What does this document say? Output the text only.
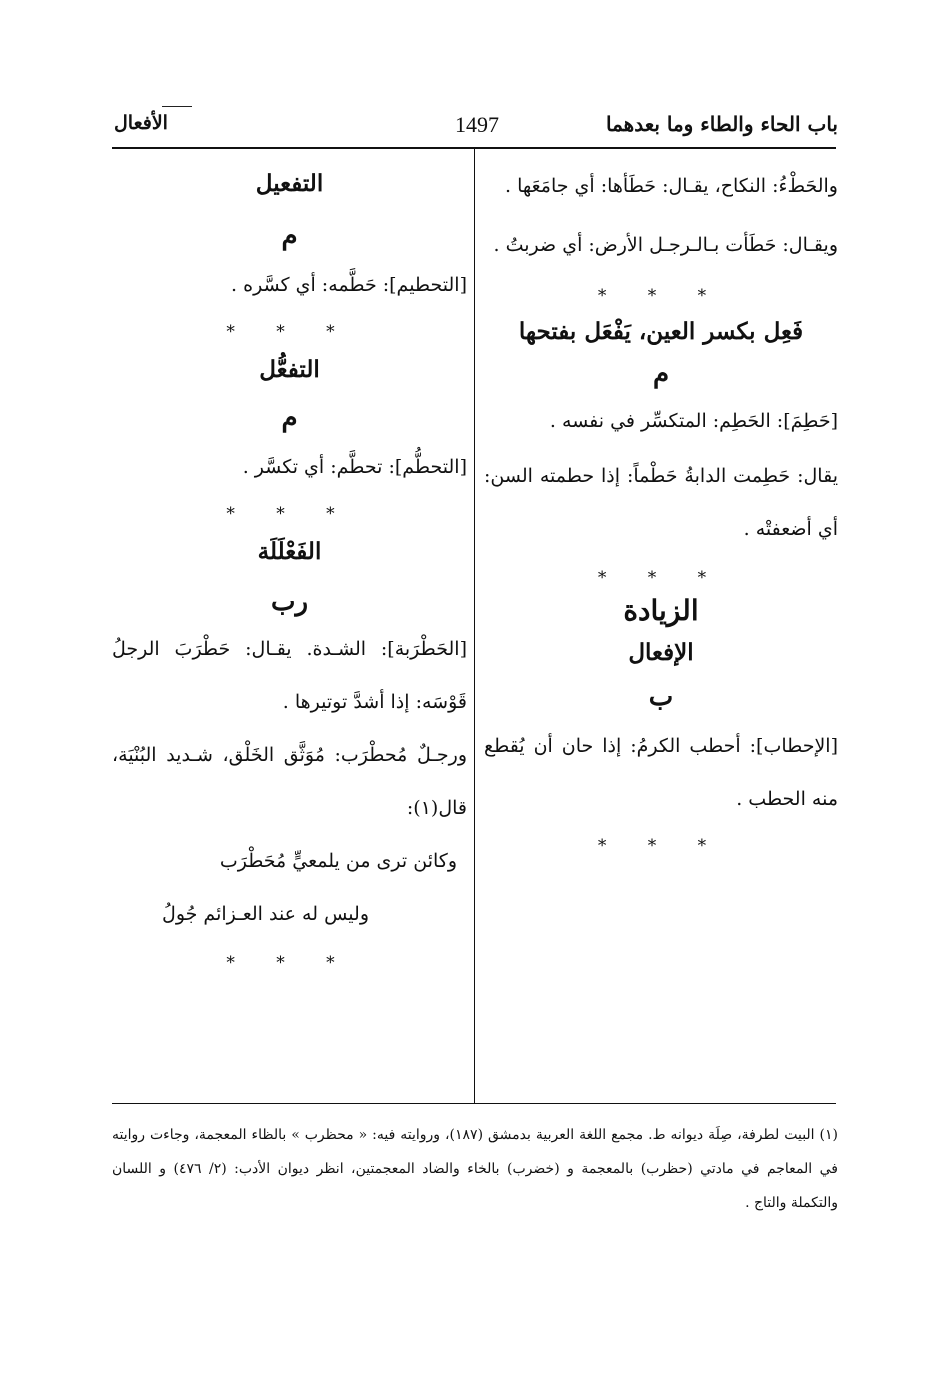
باب الحاء والطاء وما بعدهما
1497
الأفعال
والحَطْءُ: النكاح، يقـال: حَطَأها: أي جامَعَها .
ويقـال: حَطَأت بـالـرجـل الأرض: أي ضربتُ .
* * *
فَعِل بكسر العين، يَفْعَل بفتحها
م
[حَطِمَ]: الحَطِم: المتكسِّر في نفسه .
يقال: حَطِمت الدابةُ حَطْماً: إذا حطمته السن: أي أضعفتْه .
* * *
الزيادة
الإفعال
ب
[الإحطاب]: أحطب الكرمُ: إذا حان أن يُقطع منه الحطب .
* * *
التفعيل
م
[التحطيم]: حَطَّمه: أي كسَّره .
* * *
التفعُّل
م
[التحطُّم]: تحطَّم: أي تكسَّر .
* * *
الفَعْلَلَة
رب
[الحَطْرَبة]: الشـدة. يقـال: حَطْرَبَ الرجلُ قَوْسَه: إذا أشدَّ توتيرها .
ورجـلٌ مُحطْرَب: مُوَثَّق الخَلْق، شـديد البُنْيَة، قال(١):
وكائن ترى من يلمعيٍّ مُحَطْرَب
وليس له عند العـزائم جُولُ
* * *
(١) البيت لطرفة، صِلَة ديوانه ط. مجمع اللغة العربية بدمشق (١٨٧)، وروايته فيه: « محظرب » بالظاء المعجمة، وجاءت روايته في المعاجم في مادتي (حظرب) بالمعجمة و (خضرب) بالخاء والضاد المعجمتين، انظر ديوان الأدب: (٢/ ٤٧٦) و اللسان والتكملة والتاج .
